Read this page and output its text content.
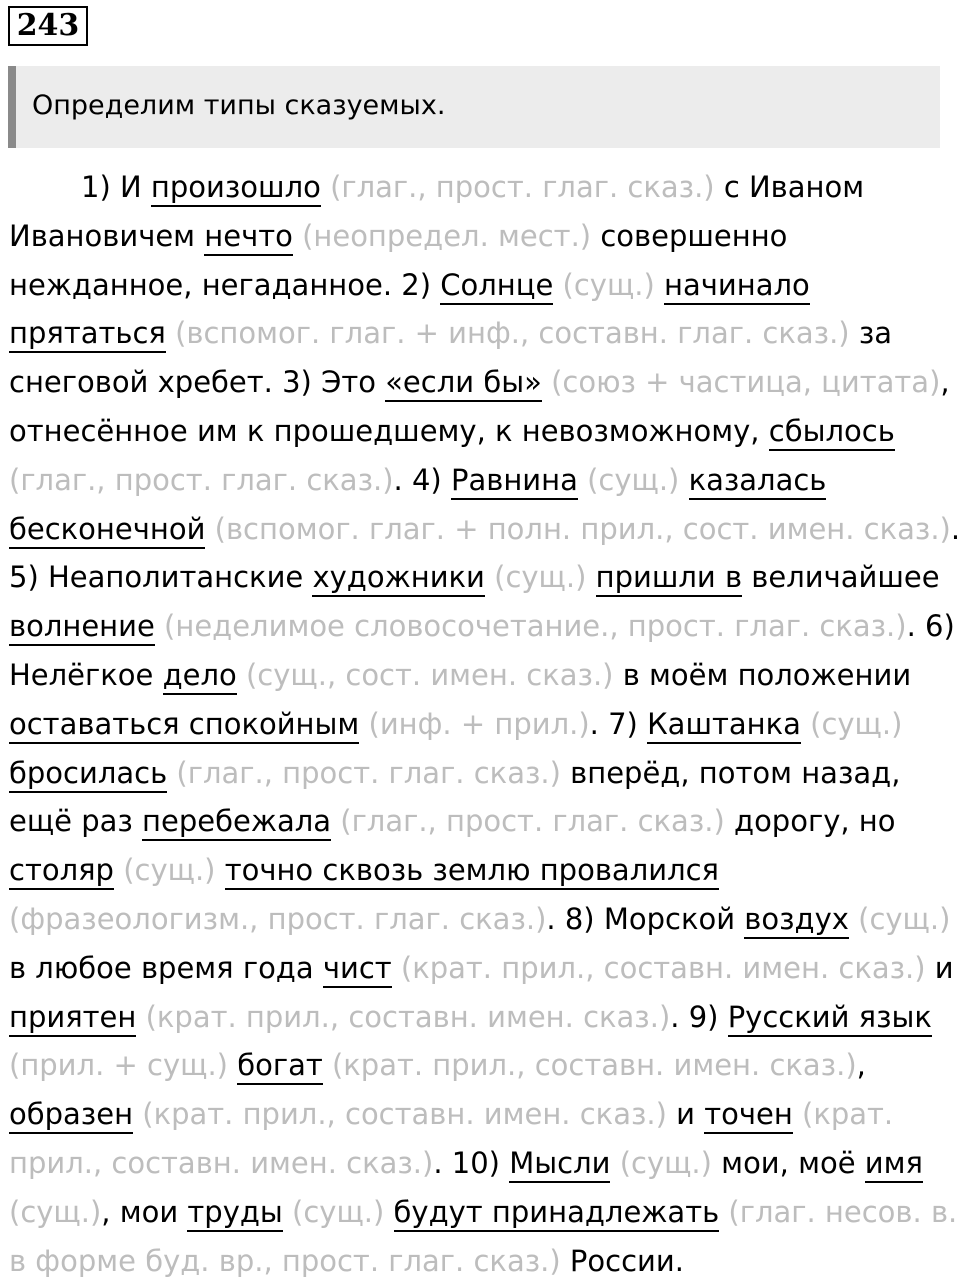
243
Определим типы сказуемых.
1) И произошло (глаг., прост. глаг. сказ.) с Иваном
Ивановичем нечто (неопредел. мест.) совершенно
нежданное, негаданное. 2) Солнце (сущ.) начинало
прятаться (вспомог. глаг. + инф., составн. глаг. сказ.) за
снеговой хребет. 3) Это «если бы» (союз + частица, цитата),
отнесённое им к прошедшему, к невозможному, сбылось
(глаг., прост. глаг. сказ.). 4) Равнина (сущ.) казалась
бесконечной (вспомог. глаг. + полн. прил., сост. имен. сказ.).
5) Неаполитанские художники (сущ.) пришли в величайшее
волнение (неделимое словосочетание., прост. глаг. сказ.). 6)
Нелёгкое дело (сущ., сост. имен. сказ.) в моём положении
оставаться спокойным (инф. + прил.). 7) Каштанка (сущ.)
бросилась (глаг., прост. глаг. сказ.) вперёд, потом назад,
ещё раз перебежала (глаг., прост. глаг. сказ.) дорогу, но
столяр (сущ.) точно сквозь землю провалился
(фразеологизм., прост. глаг. сказ.). 8) Морской воздух (сущ.)
в любое время года чист (крат. прил., составн. имен. сказ.) и
приятен (крат. прил., составн. имен. сказ.). 9) Русский язык
(прил. + сущ.) богат (крат. прил., составн. имен. сказ.),
образен (крат. прил., составн. имен. сказ.) и точен (крат.
прил., составн. имен. сказ.). 10) Мысли (сущ.) мои, моё имя
(сущ.), мои труды (сущ.) будут принадлежать (глаг. несов. в.
в форме буд. вр., прост. глаг. сказ.) России.
